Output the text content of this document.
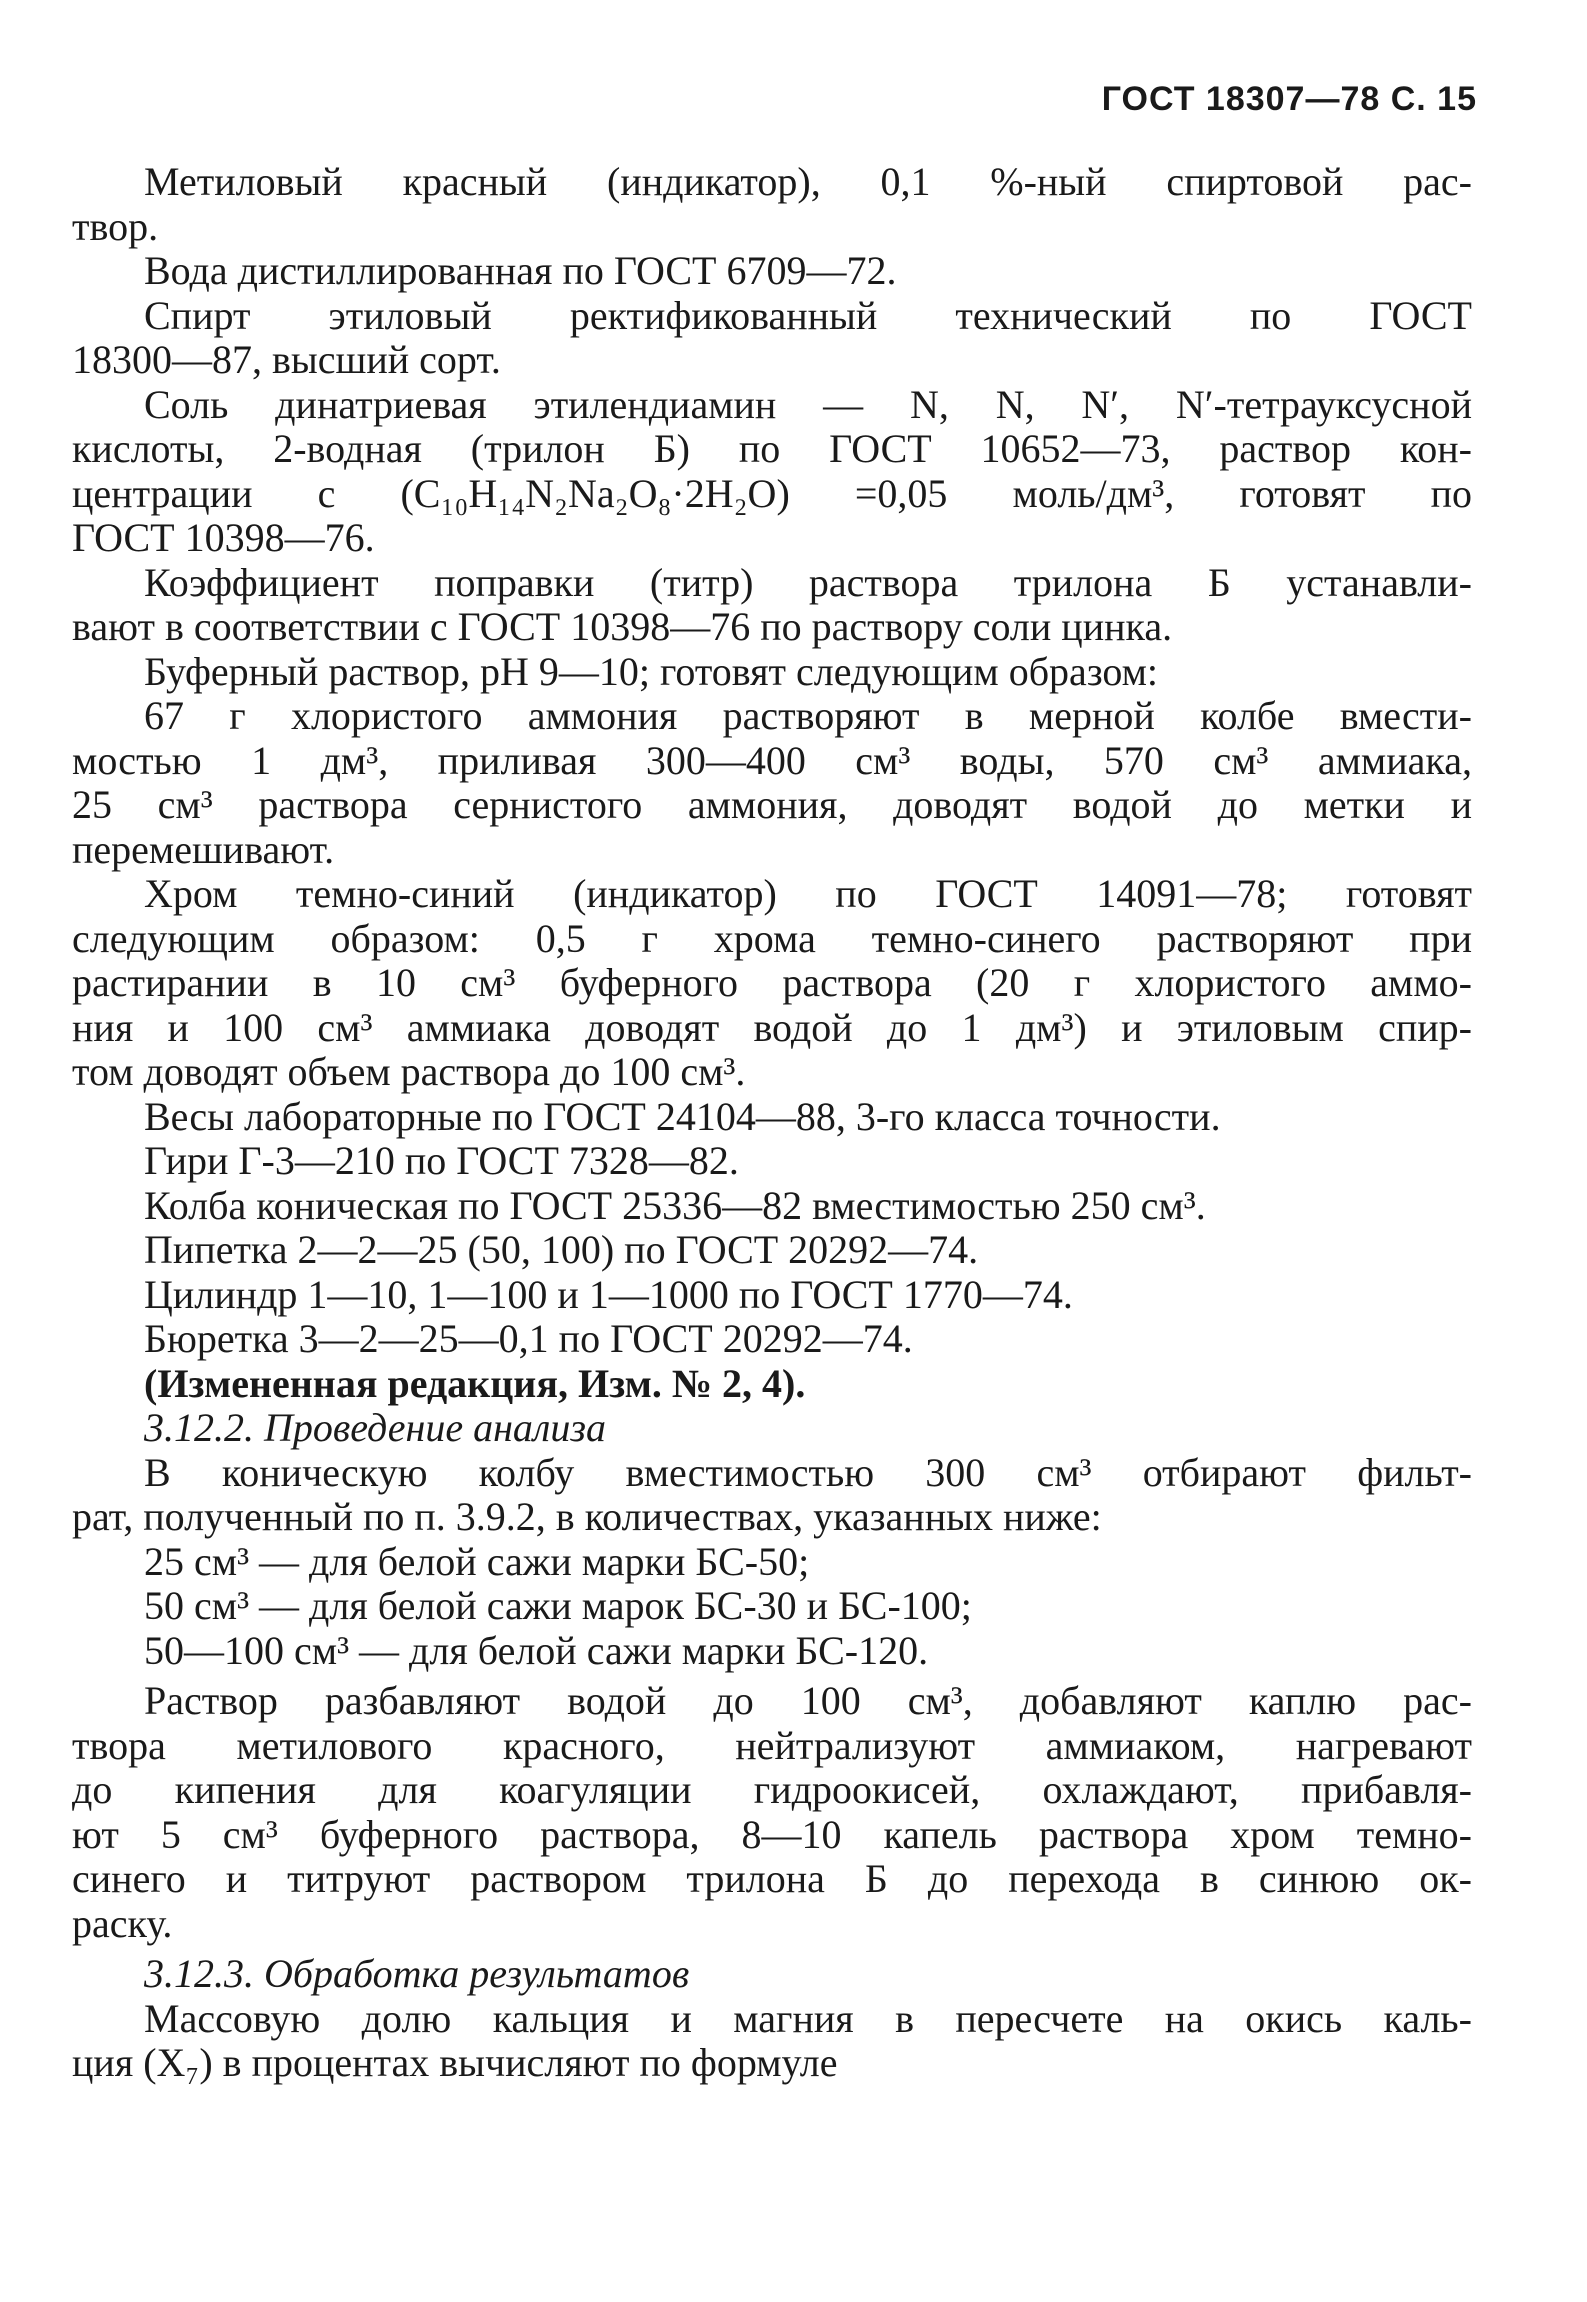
ГОСТ 18307—78 С. 15
Метиловый красный (индикатор), 0,1 %-ный спиртовой рас-
твор.
Вода дистиллированная по ГОСТ 6709—72.
Спирт этиловый ректификованный технический по ГОСТ
18300—87, высший сорт.
Соль динатриевая этилендиамин — N, N, N′, N′-тетрауксусной
кислоты, 2-водная (трилон Б) по ГОСТ 10652—73, раствор кон-
центрации с (C₁₀H₁₄N₂Na₂O₈·2H₂O) =0,05 моль/дм³, готовят по
ГОСТ 10398—76.
Коэффициент поправки (титр) раствора трилона Б устанавли-
вают в соответствии с ГОСТ 10398—76 по раствору соли цинка.
Буферный раствор, pH 9—10; готовят следующим образом:
67 г хлористого аммония растворяют в мерной колбе вмести-
мостью 1 дм³, приливая 300—400 см³ воды, 570 см³ аммиака,
25 см³ раствора сернистого аммония, доводят водой до метки и
перемешивают.
Хром темно-синий (индикатор) по ГОСТ 14091—78; готовят
следующим образом: 0,5 г хрома темно-синего растворяют при
растирании в 10 см³ буферного раствора (20 г хлористого аммо-
ния и 100 см³ аммиака доводят водой до 1 дм³) и этиловым спир-
том доводят объем раствора до 100 см³.
Весы лабораторные по ГОСТ 24104—88, 3-го класса точности.
Гири Г-3—210 по ГОСТ 7328—82.
Колба коническая по ГОСТ 25336—82 вместимостью 250 см³.
Пипетка 2—2—25 (50, 100) по ГОСТ 20292—74.
Цилиндр 1—10, 1—100 и 1—1000 по ГОСТ 1770—74.
Бюретка 3—2—25—0,1 по ГОСТ 20292—74.
(Измененная редакция, Изм. № 2, 4).
3.12.2. Проведение анализа
В коническую колбу вместимостью 300 см³ отбирают фильт-
рат, полученный по п. 3.9.2, в количествах, указанных ниже:
25 см³ — для белой сажи марки БС-50;
50 см³ — для белой сажи марок БС-30 и БС-100;
50—100 см³ — для белой сажи марки БС-120.
Раствор разбавляют водой до 100 см³, добавляют каплю рас-
твора метилового красного, нейтрализуют аммиаком, нагревают
до кипения для коагуляции гидроокисей, охлаждают, прибавля-
ют 5 см³ буферного раствора, 8—10 капель раствора хром темно-
синего и титруют раствором трилона Б до перехода в синюю ок-
раску.
3.12.3. Обработка результатов
Массовую долю кальция и магния в пересчете на окись каль-
ция (X₇) в процентах вычисляют по формуле
